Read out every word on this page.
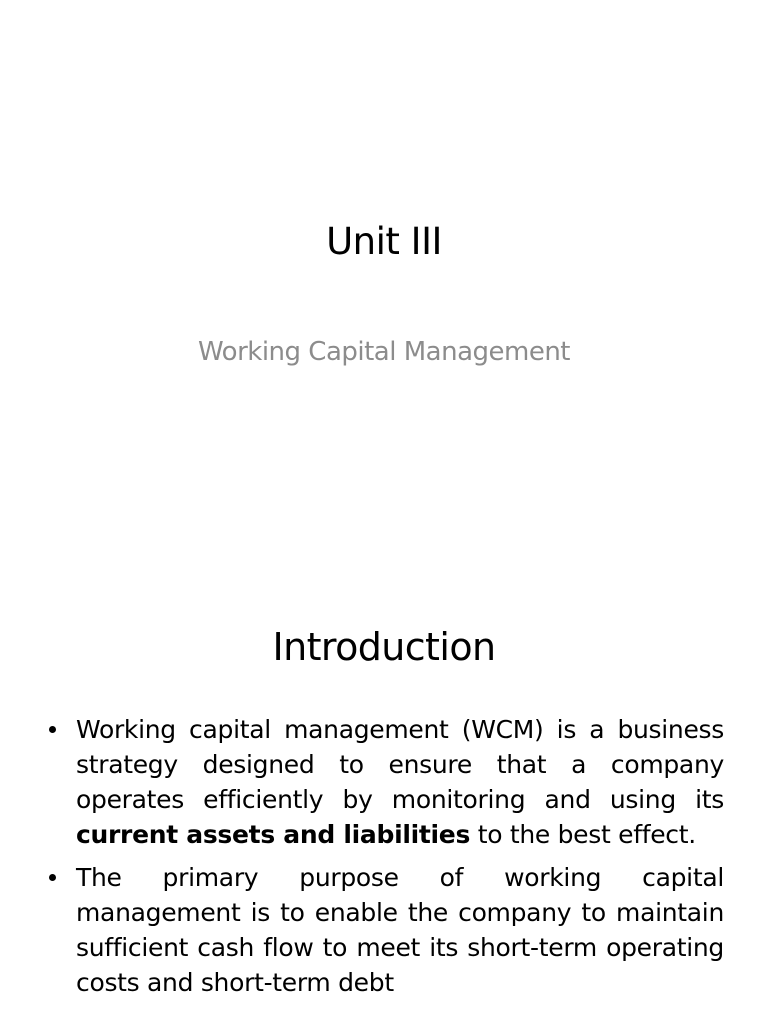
Unit III
Working Capital Management
Introduction
Working capital management (WCM) is a business strategy designed to ensure that a company operates efficiently by monitoring and using its current assets and liabilities to the best effect.
The primary purpose of working capital management is to enable the company to maintain sufficient cash flow to meet its short-term operating costs and short-term debt
